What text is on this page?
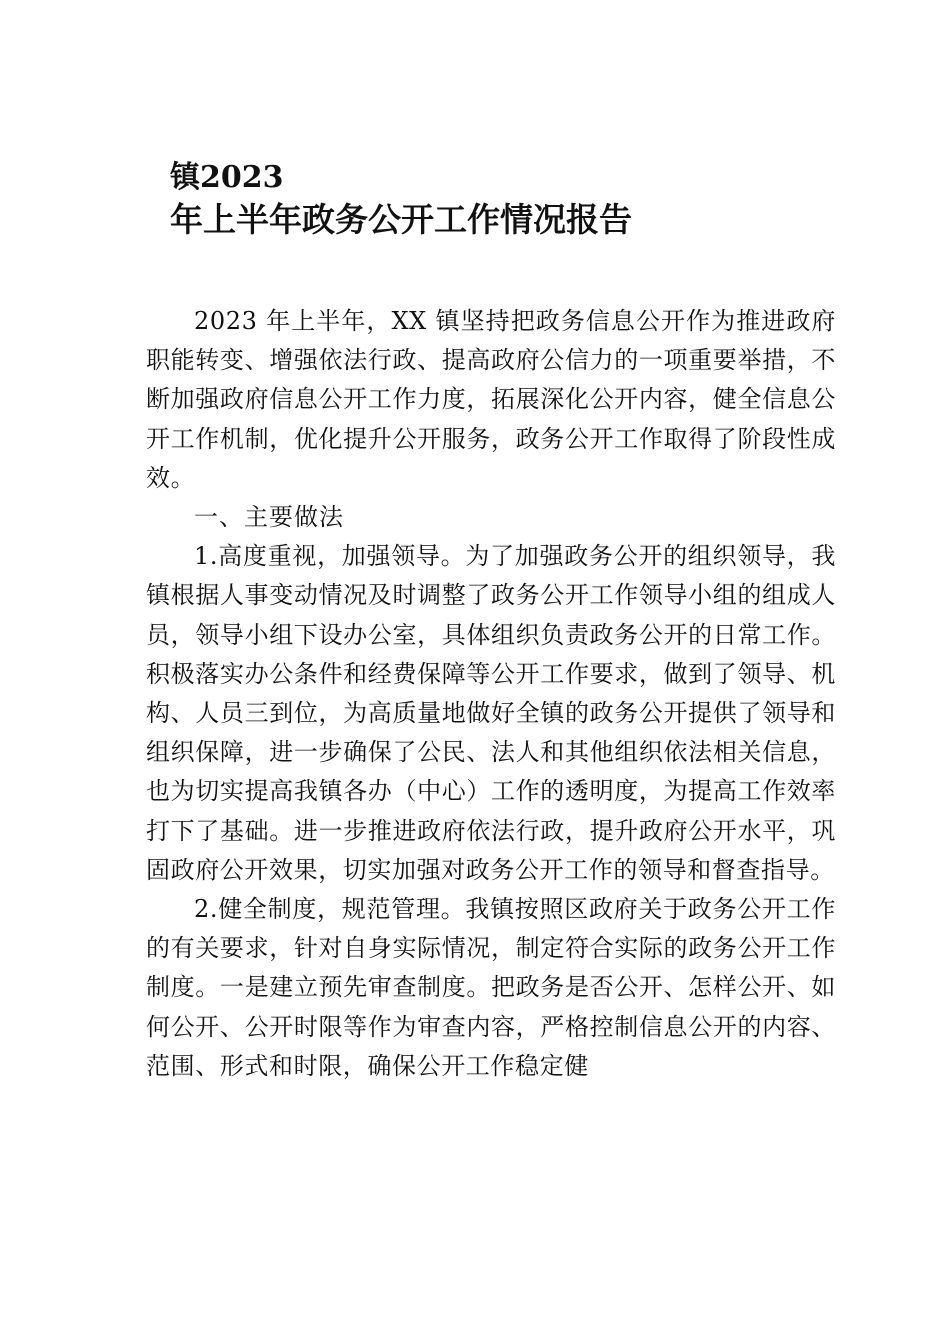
镇2023
年上半年政务公开工作情况报告

2023 年上半年，XX 镇坚持把政务信息公开作为推进政府职能转变、增强依法行政、提高政府公信力的一项重要举措，不断加强政府信息公开工作力度，拓展深化公开内容，健全信息公开工作机制，优化提升公开服务，政务公开工作取得了阶段性成效。

一、主要做法

1.高度重视，加强领导。为了加强政务公开的组织领导，我镇根据人事变动情况及时调整了政务公开工作领导小组的组成人员，领导小组下设办公室，具体组织负责政务公开的日常工作。积极落实办公条件和经费保障等公开工作要求，做到了领导、机构、人员三到位，为高质量地做好全镇的政务公开提供了领导和组织保障，进一步确保了公民、法人和其他组织依法相关信息，也为切实提高我镇各办（中心）工作的透明度，为提高工作效率打下了基础。进一步推进政府依法行政，提升政府公开水平，巩固政府公开效果，切实加强对政务公开工作的领导和督查指导。

2.健全制度，规范管理。我镇按照区政府关于政务公开工作的有关要求，针对自身实际情况，制定符合实际的政务公开工作制度。一是建立预先审查制度。把政务是否公开、怎样公开、如何公开、公开时限等作为审查内容，严格控制信息公开的内容、范围、形式和时限，确保公开工作稳定健
